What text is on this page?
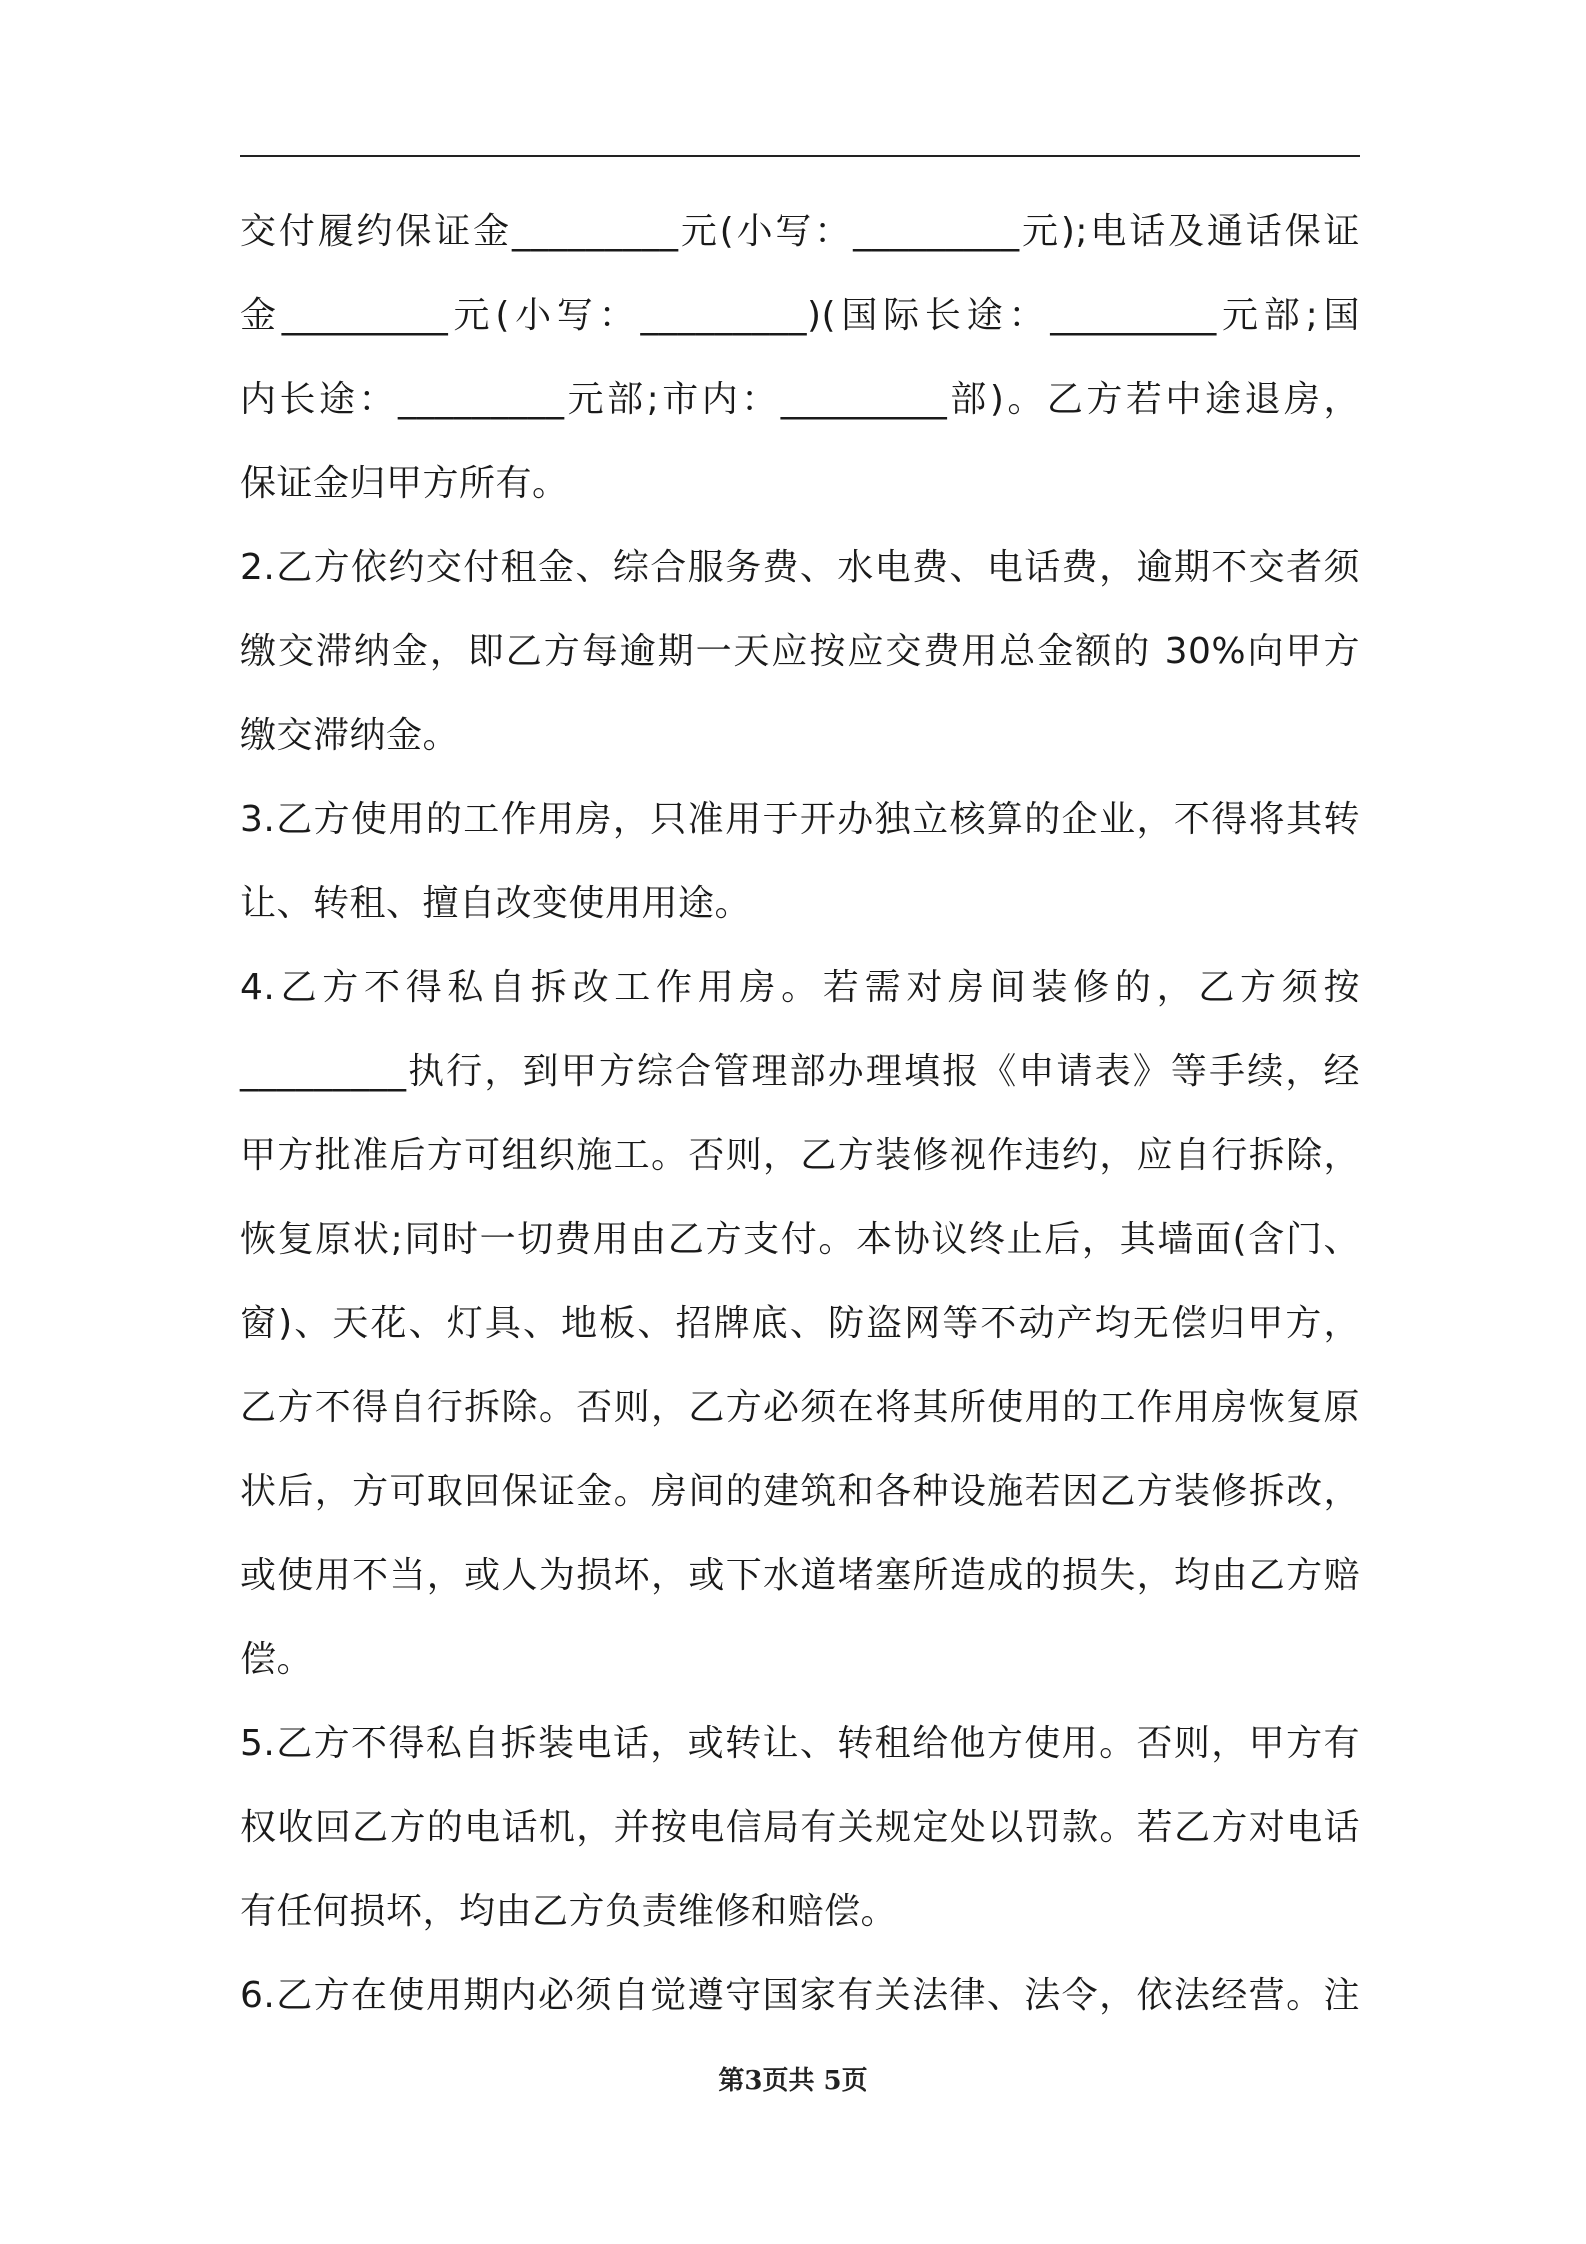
交付履约保证金_________元(小写：_________元);电话及通话保证
金_________元(小写：_________)(国际长途：_________元部;国
内长途：_________元部;市内：_________部)。乙方若中途退房，
保证金归甲方所有。
2.乙方依约交付租金、综合服务费、水电费、电话费，逾期不交者须
缴交滞纳金，即乙方每逾期一天应按应交费用总金额的 30%向甲方
缴交滞纳金。
3.乙方使用的工作用房，只准用于开办独立核算的企业，不得将其转
让、转租、擅自改变使用用途。
4.乙方不得私自拆改工作用房。若需对房间装修的，乙方须按
_________执行，到甲方综合管理部办理填报《申请表》等手续，经
甲方批准后方可组织施工。否则，乙方装修视作违约，应自行拆除，
恢复原状;同时一切费用由乙方支付。本协议终止后，其墙面(含门、
窗)、天花、灯具、地板、招牌底、防盗网等不动产均无偿归甲方，
乙方不得自行拆除。否则，乙方必须在将其所使用的工作用房恢复原
状后，方可取回保证金。房间的建筑和各种设施若因乙方装修拆改，
或使用不当，或人为损坏，或下水道堵塞所造成的损失，均由乙方赔
偿。
5.乙方不得私自拆装电话，或转让、转租给他方使用。否则，甲方有
权收回乙方的电话机，并按电信局有关规定处以罚款。若乙方对电话
有任何损坏，均由乙方负责维修和赔偿。
6.乙方在使用期内必须自觉遵守国家有关法律、法令，依法经营。注
第3页共 5页
